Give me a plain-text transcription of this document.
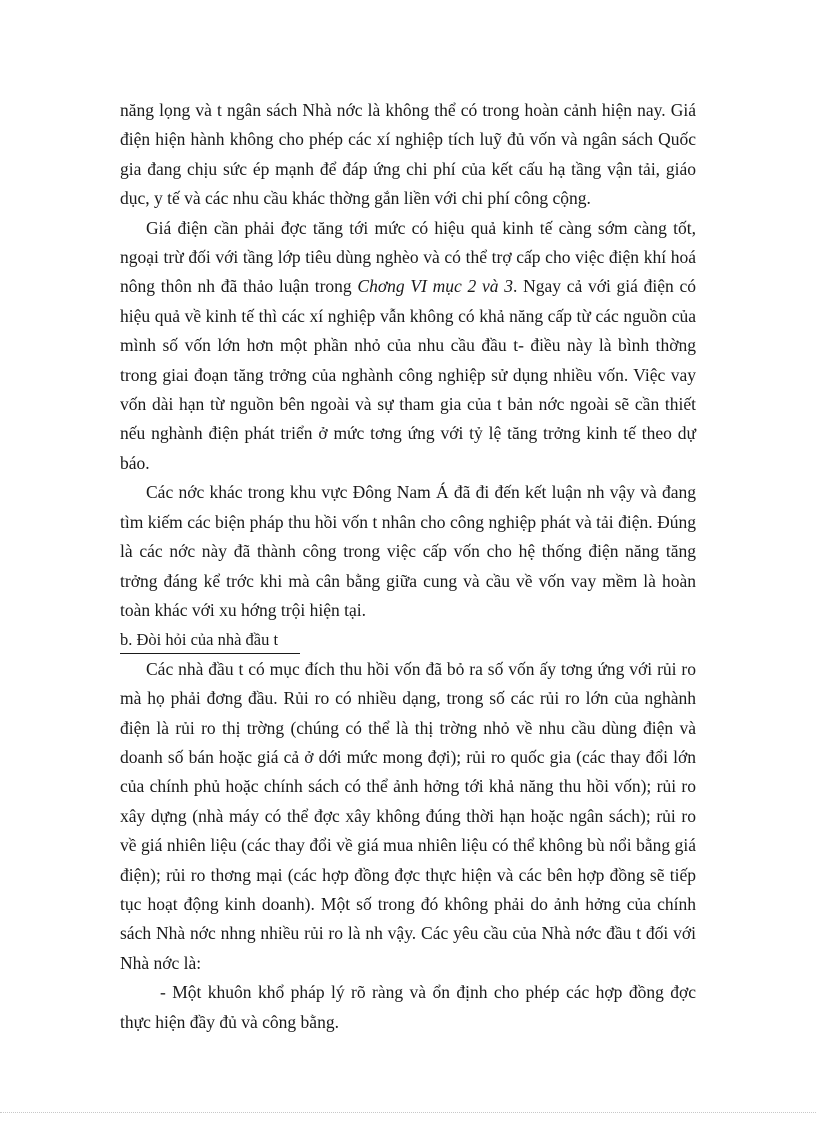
năng lọng và t ngân sách Nhà nớc là không thể có trong hoàn cảnh hiện nay. Giá điện hiện hành không cho phép các xí nghiệp tích luỹ đủ vốn và ngân sách Quốc gia đang chịu sức ép mạnh để đáp ứng chi phí của kết cấu hạ tầng vận tải, giáo dục, y tế và các nhu cầu khác thờng gắn liền với chi phí công cộng.

Giá điện cần phải đợc tăng tới mức có hiệu quả kinh tế càng sớm càng tốt, ngoại trừ đối với tầng lớp tiêu dùng nghèo và có thể trợ cấp cho việc điện khí hoá nông thôn nh đã thảo luận trong Chơng VI mục 2 và 3. Ngay cả với giá điện có hiệu quả về kinh tế thì các xí nghiệp vẫn không có khả năng cấp từ các nguồn của mình số vốn lớn hơn một phần nhỏ của nhu cầu đầu t- điều này là bình thờng trong giai đoạn tăng trởng của nghành công nghiệp sử dụng nhiều vốn. Việc vay vốn dài hạn từ nguồn bên ngoài và sự tham gia của t bản nớc ngoài sẽ cần thiết nếu nghành điện phát triển ở mức tơng ứng với tỷ lệ tăng trởng kinh tế theo dự báo.

Các nớc khác trong khu vực Đông Nam Á đã đi đến kết luận nh vậy và đang tìm kiếm các biện pháp thu hồi vốn t nhân cho công nghiệp phát và tải điện. Đúng là các nớc này đã thành công trong việc cấp vốn cho hệ thống điện năng tăng trởng đáng kể trớc khi mà cân bằng giữa cung và cầu về vốn vay mềm là hoàn toàn khác với xu hớng trội hiện tại.

b. Đòi hỏi của nhà đầu t

Các nhà đầu t có mục đích thu hồi vốn đã bỏ ra số vốn ấy tơng ứng với rủi ro mà họ phải đơng đầu. Rủi ro có nhiều dạng, trong số các rủi ro lớn của nghành điện là rủi ro thị trờng (chúng có thể là thị trờng nhỏ về nhu cầu dùng điện và doanh số bán hoặc giá cả ở dới mức mong đợi); rủi ro quốc gia (các thay đổi lớn của chính phủ hoặc chính sách có thể ảnh hởng tới khả năng thu hồi vốn); rủi ro xây dựng (nhà máy có thể đợc xây không đúng thời hạn hoặc ngân sách); rủi ro về giá nhiên liệu (các thay đổi về giá mua nhiên liệu có thể không bù nổi bằng giá điện); rủi ro thơng mại (các hợp đồng đợc thực hiện và các bên hợp đồng sẽ tiếp tục hoạt động kinh doanh). Một số trong đó không phải do ảnh hởng của chính sách Nhà nớc nhng nhiều rủi ro là nh vậy. Các yêu cầu của Nhà nớc đầu t đối với Nhà nớc là:

- Một khuôn khổ pháp lý rõ ràng và ổn định cho phép các hợp đồng đợc thực hiện đầy đủ và công bằng.
